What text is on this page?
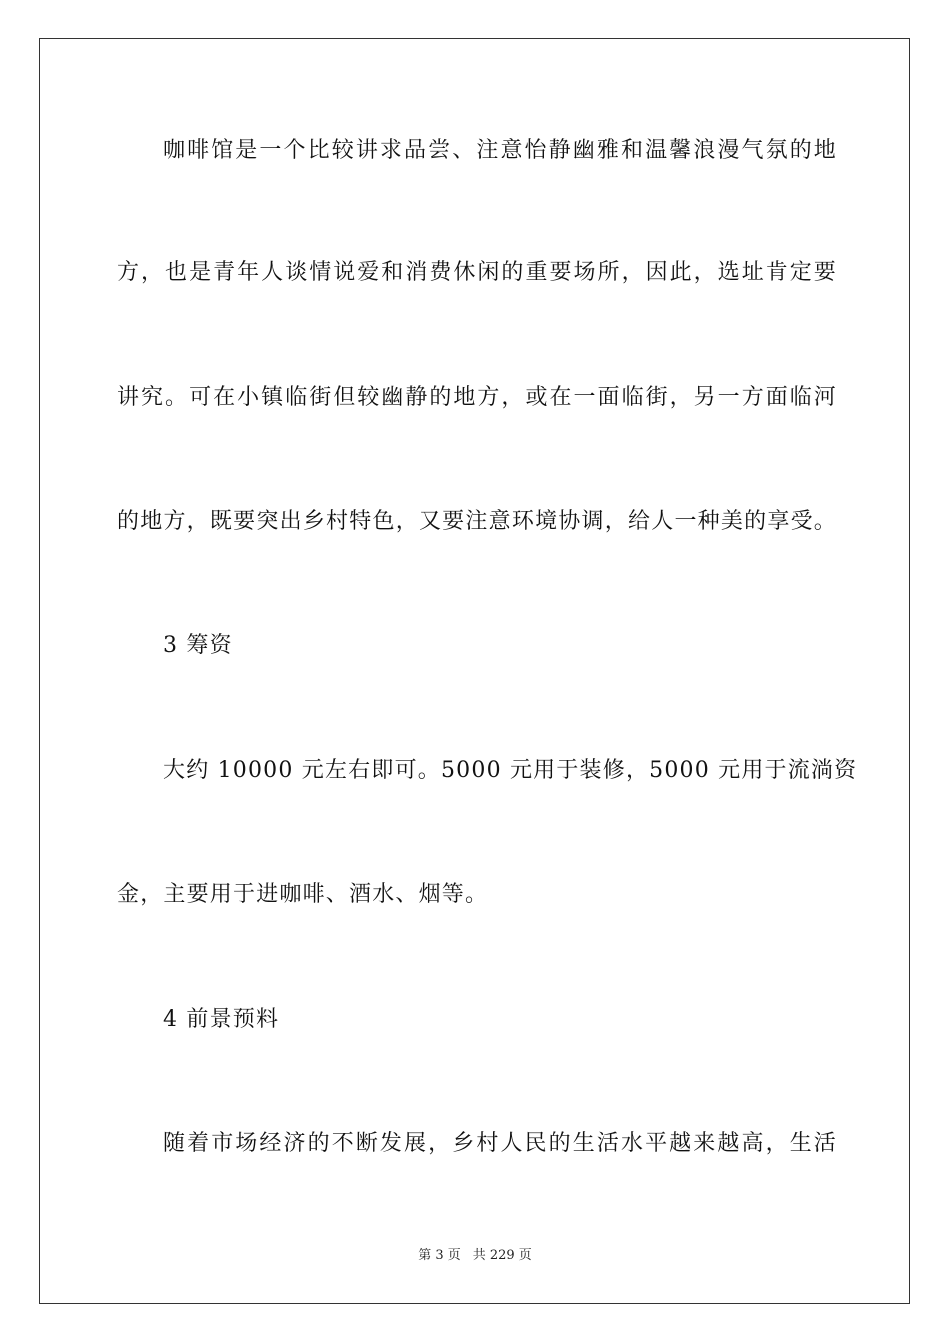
咖啡馆是一个比较讲求品尝、注意怡静幽雅和温馨浪漫气氛的地
方，也是青年人谈情说爱和消费休闲的重要场所，因此，选址肯定要
讲究。可在小镇临街但较幽静的地方，或在一面临街，另一方面临河
的地方，既要突出乡村特色，又要注意环境协调，给人一种美的享受。
3 筹资
大约 10000 元左右即可。5000 元用于装修，5000 元用于流淌资
金，主要用于进咖啡、酒水、烟等。
4 前景预料
随着市场经济的不断发展，乡村人民的生活水平越来越高，生活
第 3 页 共 229 页
